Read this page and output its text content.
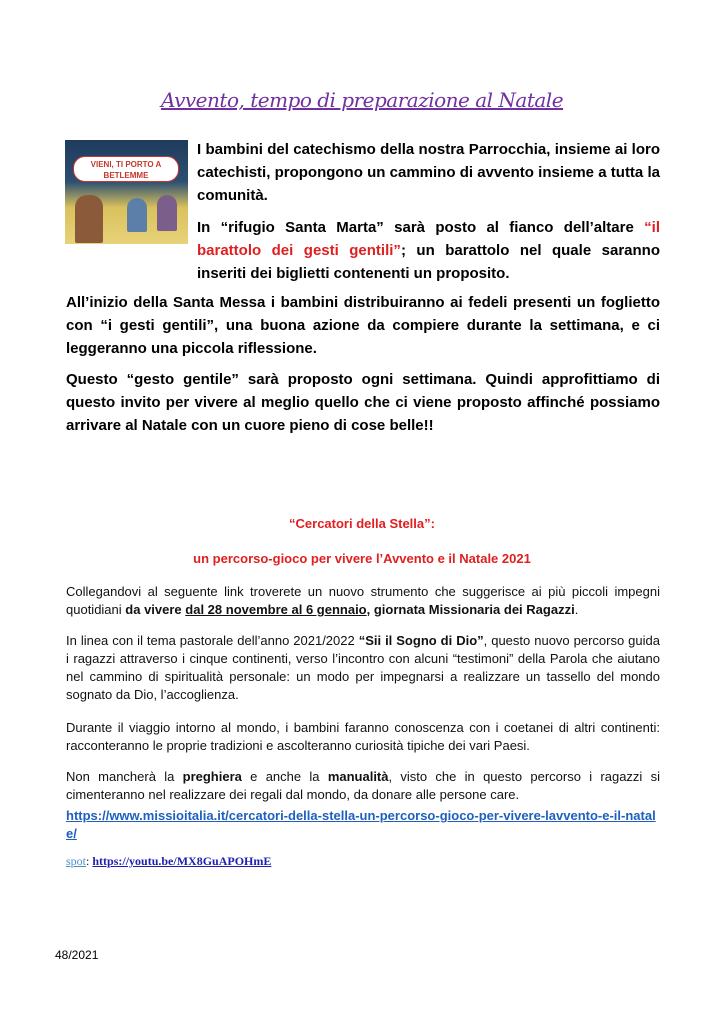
Avvento, tempo di preparazione al Natale
VIENI, TI PORTO A BETLEMME
I bambini del catechismo della nostra Parrocchia, insieme ai loro catechisti, propongono un cammino di avvento insieme a tutta la comunità.
In “rifugio Santa Marta” sarà posto al fianco dell’altare “il barattolo dei gesti gentili”; un barattolo nel quale saranno inseriti dei biglietti contenenti un proposito.
All’inizio della Santa Messa i bambini distribuiranno ai fedeli presenti un foglietto con “i gesti gentili”, una buona azione da compiere durante la settimana, e ci leggeranno una piccola riflessione.
Questo “gesto gentile” sarà proposto ogni settimana. Quindi approfittiamo di questo invito per vivere al meglio quello che ci viene proposto affinché possiamo arrivare al Natale con un cuore pieno di cose belle!!
“Cercatori della Stella”:
un percorso-gioco per vivere l’Avvento e il Natale 2021
Collegandovi al seguente link troverete un nuovo strumento che suggerisce ai più piccoli impegni quotidiani da vivere dal 28 novembre al 6 gennaio, giornata Missionaria dei Ragazzi.
In linea con il tema pastorale dell’anno 2021/2022 “Sii il Sogno di Dio”, questo nuovo percorso guida i ragazzi attraverso i cinque continenti, verso l’incontro con alcuni “testimoni” della Parola che aiutano nel cammino di spiritualità personale: un modo per impegnarsi a realizzare un tassello del mondo sognato da Dio, l’accoglienza.
Durante il viaggio intorno al mondo, i bambini faranno conoscenza con i coetanei di altri continenti: racconteranno le proprie tradizioni e ascolteranno curiosità tipiche dei vari Paesi.
Non mancherà la preghiera e anche la manualità, visto che in questo percorso i ragazzi si cimenteranno nel realizzare dei regali dal mondo, da donare alle persone care.
https://www.missioitalia.it/cercatori-della-stella-un-percorso-gioco-per-vivere-lavvento-e-il-natale/
spot: https://youtu.be/MX8GuAPOHmE
48/2021
